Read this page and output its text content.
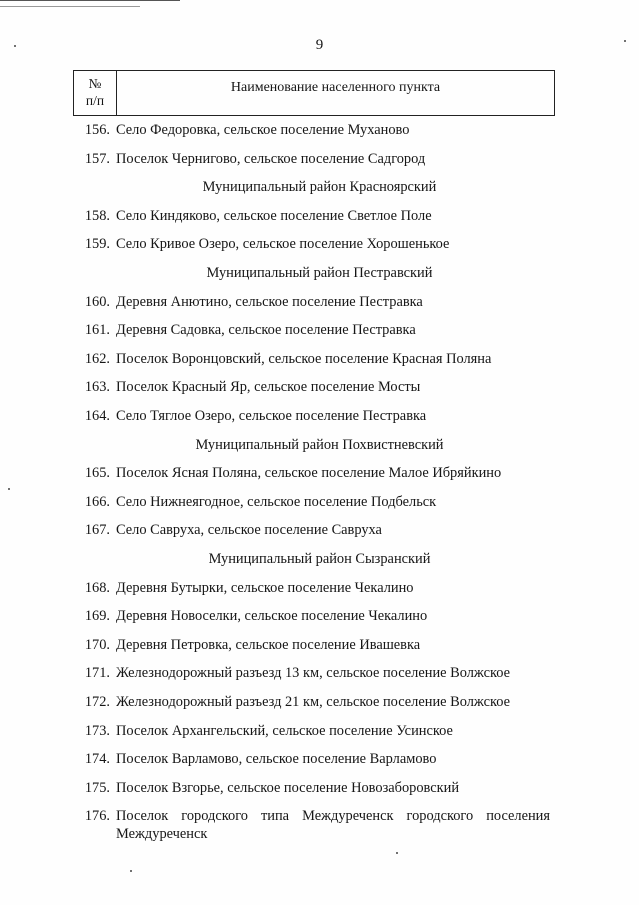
9
№
п/п
Наименование населенного пункта
156. Село Федоровка, сельское поселение Муханово
157. Поселок Чернигово, сельское поселение Садгород
Муниципальный район Красноярский
158. Село Киндяково, сельское поселение Светлое Поле
159. Село Кривое Озеро, сельское поселение Хорошенькое
Муниципальный район Пестравский
160. Деревня Анютино, сельское поселение Пестравка
161. Деревня Садовка, сельское поселение Пестравка
162. Поселок Воронцовский, сельское поселение Красная Поляна
163. Поселок Красный Яр, сельское поселение Мосты
164. Село Тяглое Озеро, сельское поселение Пестравка
Муниципальный район Похвистневский
165. Поселок Ясная Поляна, сельское поселение Малое Ибряйкино
166. Село Нижнеягодное, сельское поселение Подбельск
167. Село Савруха, сельское поселение Савруха
Муниципальный район Сызранский
168. Деревня Бутырки, сельское поселение Чекалино
169. Деревня Новоселки, сельское поселение Чекалино
170. Деревня Петровка, сельское поселение Ивашевка
171. Железнодорожный разъезд 13 км, сельское поселение Волжское
172. Железнодорожный разъезд 21 км, сельское поселение Волжское
173. Поселок Архангельский, сельское поселение Усинское
174. Поселок Варламово, сельское поселение Варламово
175. Поселок Взгорье, сельское поселение Новозаборовский
176. Поселок городского типа Междуреченск городского поселения Междуреченск
